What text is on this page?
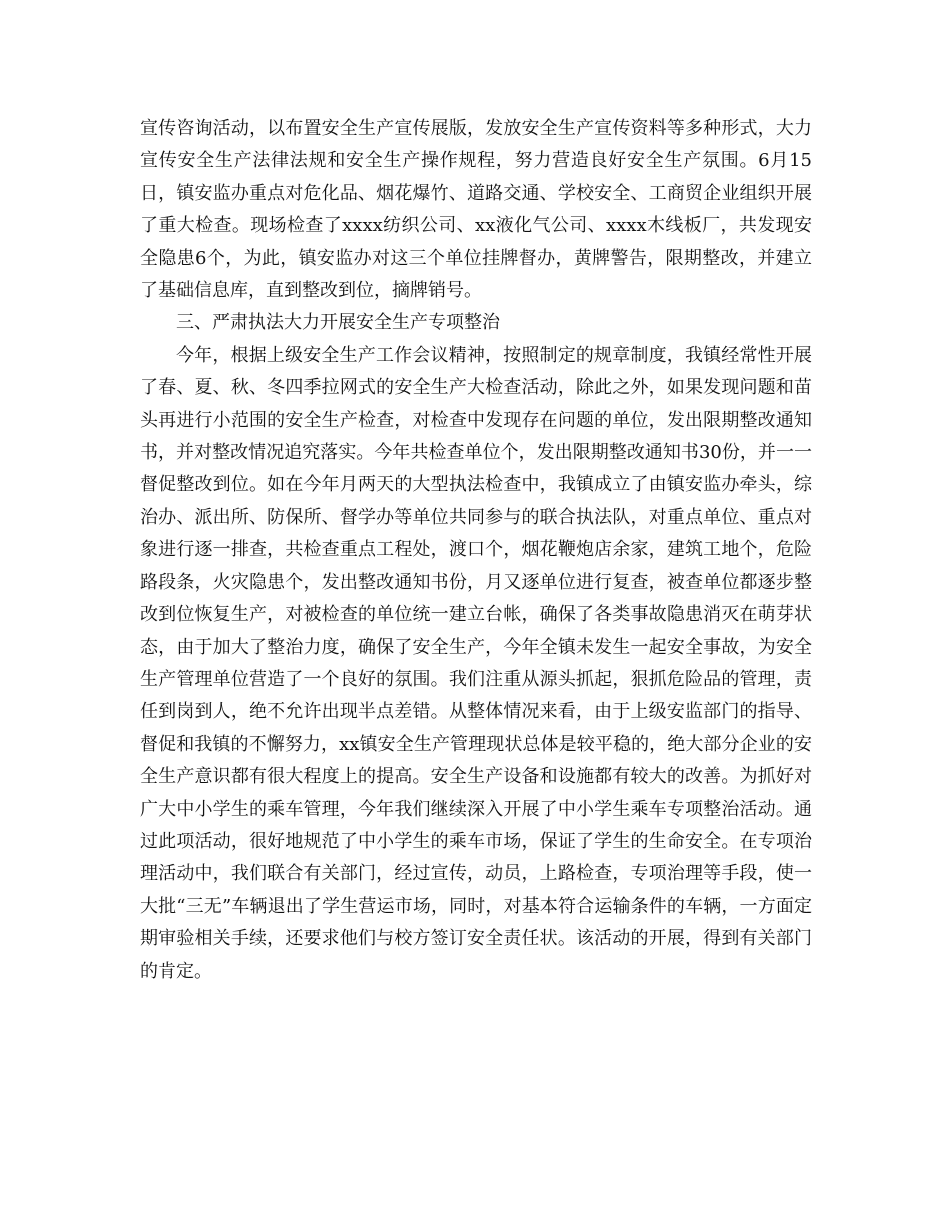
宣传咨询活动，以布置安全生产宣传展版，发放安全生产宣传资料等多种形式，大力宣传安全生产法律法规和安全生产操作规程，努力营造良好安全生产氛围。6月15日，镇安监办重点对危化品、烟花爆竹、道路交通、学校安全、工商贸企业组织开展了重大检查。现场检查了xxxx纺织公司、xx液化气公司、xxxx木线板厂，共发现安全隐患6个，为此，镇安监办对这三个单位挂牌督办，黄牌警告，限期整改，并建立了基础信息库，直到整改到位，摘牌销号。

三、严肃执法大力开展安全生产专项整治

今年，根据上级安全生产工作会议精神，按照制定的规章制度，我镇经常性开展了春、夏、秋、冬四季拉网式的安全生产大检查活动，除此之外，如果发现问题和苗头再进行小范围的安全生产检查，对检查中发现存在问题的单位，发出限期整改通知书，并对整改情况追究落实。今年共检查单位个，发出限期整改通知书30份，并一一督促整改到位。如在今年月两天的大型执法检查中，我镇成立了由镇安监办牵头，综治办、派出所、防保所、督学办等单位共同参与的联合执法队，对重点单位、重点对象进行逐一排查，共检查重点工程处，渡口个，烟花鞭炮店余家，建筑工地个，危险路段条，火灾隐患个，发出整改通知书份，月又逐单位进行复查，被查单位都逐步整改到位恢复生产，对被检查的单位统一建立台帐，确保了各类事故隐患消灭在萌芽状态，由于加大了整治力度，确保了安全生产，今年全镇未发生一起安全事故，为安全生产管理单位营造了一个良好的氛围。我们注重从源头抓起，狠抓危险品的管理，责任到岗到人，绝不允许出现半点差错。从整体情况来看，由于上级安监部门的指导、督促和我镇的不懈努力，xx镇安全生产管理现状总体是较平稳的，绝大部分企业的安全生产意识都有很大程度上的提高。安全生产设备和设施都有较大的改善。为抓好对广大中小学生的乘车管理，今年我们继续深入开展了中小学生乘车专项整治活动。通过此项活动，很好地规范了中小学生的乘车市场，保证了学生的生命安全。在专项治理活动中，我们联合有关部门，经过宣传，动员，上路检查，专项治理等手段，使一大批“三无”车辆退出了学生营运市场，同时，对基本符合运输条件的车辆，一方面定期审验相关手续，还要求他们与校方签订安全责任状。该活动的开展，得到有关部门的肯定。
